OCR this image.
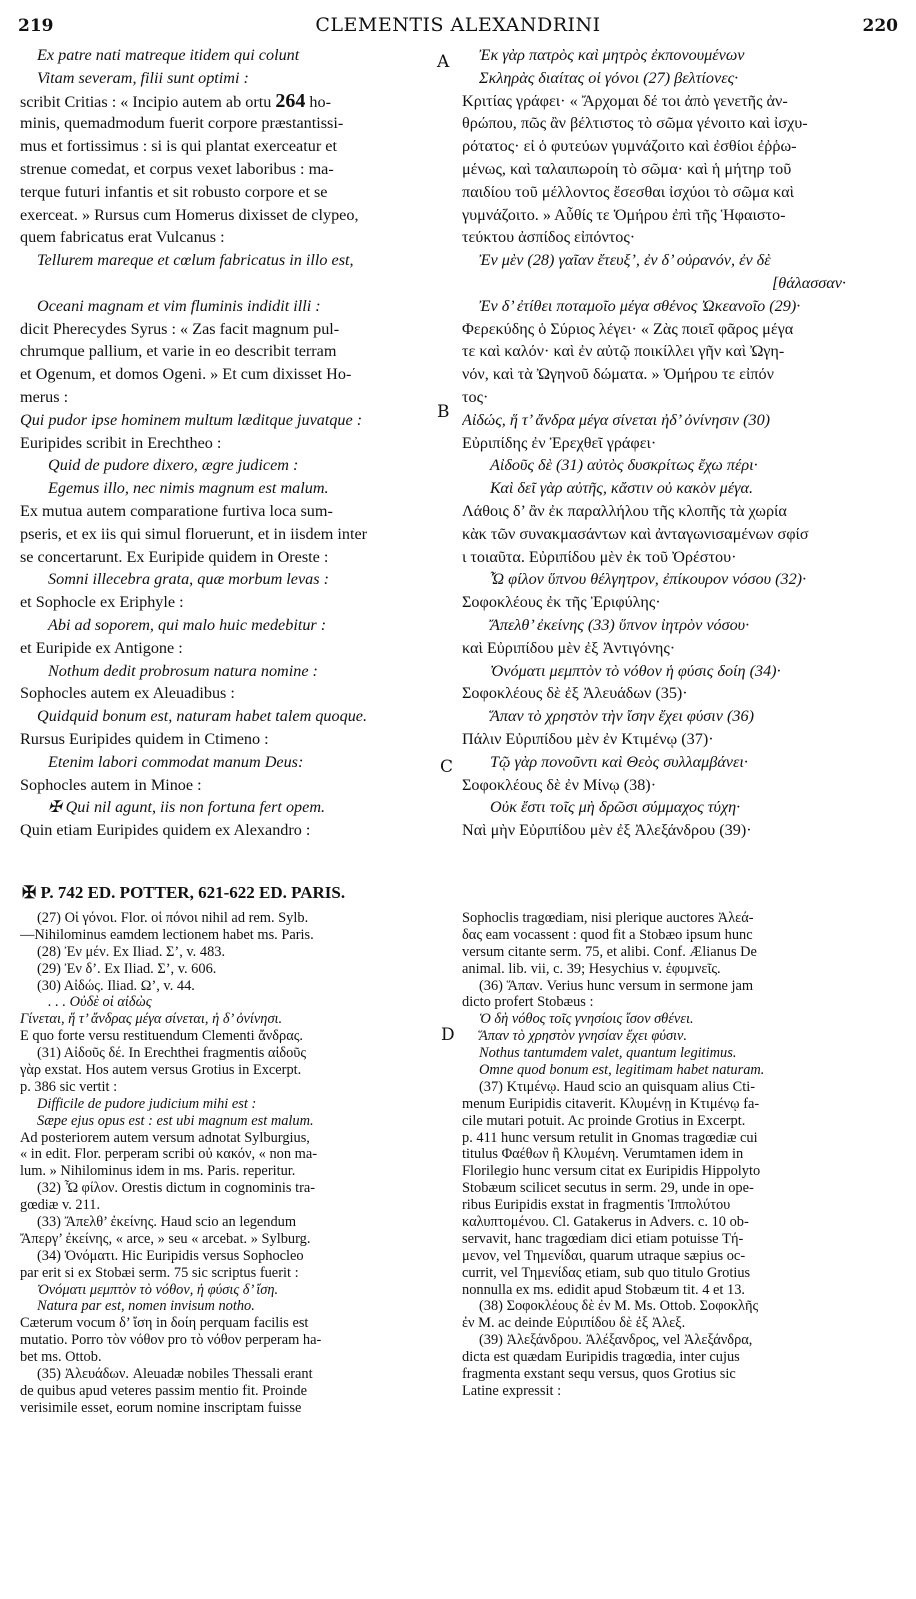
219	CLEMENTIS ALEXANDRINI	220
A
B
C
D
Ex patre nati matreque itidem qui colunt
Vitam severam, filii sunt optimi :
scribit Critias : « Incipio autem ab ortu 264 ho-
minis, quemadmodum fuerit corpore præstantissi-
mus et fortissimus : si is qui plantat exerceatur et
strenue comedat, et corpus vexet laboribus : ma-
terque futuri infantis et sit robusto corpore et se
exerceat. » Rursus cum Homerus dixisset de clypeo,
quem fabricatus erat Vulcanus :
Tellurem mareque et cœlum fabricatus in illo est,
Oceani magnam et vim fluminis indidit illi :
dicit Pherecydes Syrus : « Zas facit magnum pul-
chrumque pallium, et varie in eo describit terram
et Ogenum, et domos Ogeni. » Et cum dixisset Ho-
merus :
Qui pudor ipse hominem multum læditque juvatque :
Euripides scribit in Erechtheo :
Quid de pudore dixero, ægre judicem :
Egemus illo, nec nimis magnum est malum.
Ex mutua autem comparatione furtiva loca sum-
pseris, et ex iis qui simul floruerunt, et in iisdem inter
se concertarunt. Ex Euripide quidem in Oreste :
Somni illecebra grata, quæ morbum levas :
et Sophocle ex Eriphyle :
Abi ad soporem, qui malo huic medebitur :
et Euripide ex Antigone :
Nothum dedit probrosum natura nomine :
Sophocles autem ex Aleuadibus :
Quidquid bonum est, naturam habet talem quoque.
Rursus Euripides quidem in Ctimeno :
Etenim labori commodat manum Deus:
Sophocles autem in Minoe :
✠ Qui nil agunt, iis non fortuna fert opem.
Quin etiam Euripides quidem ex Alexandro :
Ἐκ γὰρ πατρὸς καὶ μητρὸς ἐκπονουμένων
Σκληρὰς διαίτας οἱ γόνοι (27) βελτίονες·
Κριτίας γράφει· « Ἄρχομαι δέ τοι ἀπὸ γενετῆς ἀν-
θρώπου, πῶς ἂν βέλτιστος τὸ σῶμα γένοιτο καὶ ἰσχυ-
ρότατος· εἰ ὁ φυτεύων γυμνάζοιτο καὶ ἐσθίοι ἐῤῥω-
μένως, καὶ ταλαιπωροίη τὸ σῶμα· καὶ ἡ μήτηρ τοῦ
παιδίου τοῦ μέλλοντος ἔσεσθαι ἰσχύοι τὸ σῶμα καὶ
γυμνάζοιτο. » Αὖθίς τε Ὁμήρου ἐπὶ τῆς Ἡφαιστο-
τεύκτου ἀσπίδος εἰπόντος·
Ἐν μὲν (28) γαῖαν ἔτευξ’, ἐν δ’ οὐρανόν, ἐν δὲ
[θάλασσαν·
Ἐν δ’ ἐτίθει ποταμοῖο μέγα σθένος Ὠκεανοῖο (29)·
Φερεκύδης ὁ Σύριος λέγει· « Ζὰς ποιεῖ φᾶρος μέγα
τε καὶ καλόν· καὶ ἐν αὐτῷ ποικίλλει γῆν καὶ Ὠγη-
νόν, καὶ τὰ Ὠγηνοῦ δώματα. » Ὁμήρου τε εἰπόν
τος·
Αἰδώς, ἥ τ’ ἄνδρα μέγα σίνεται ἠδ’ ὀνίνησιν (30)
Εὐριπίδης ἐν Ἐρεχθεῖ γράφει·
Αἰδοῦς δὲ (31) αὐτὸς δυσκρίτως ἔχω πέρι·
Καὶ δεῖ γὰρ αὐτῆς, κἄστιν οὐ κακὸν μέγα.
Λάθοις δ’ ἂν ἐκ παραλλήλου τῆς κλοπῆς τὰ χωρία
κὰκ τῶν συνακμασάντων καὶ ἀνταγωνισαμένων σφίσ
ι τοιαῦτα. Εὐριπίδου μὲν ἐκ τοῦ Ὀρέστου·
Ὦ φίλον ὕπνου θέλγητρον, ἐπίκουρον νόσου (32)·
Σοφοκλέους ἐκ τῆς Ἐριφύλης·
Ἄπελθ’ ἐκείνης (33) ὕπνον ἰητρὸν νόσου·
καὶ Εὐριπίδου μὲν ἐξ Ἀντιγόνης·
Ὀνόματι μεμπτὸν τὸ νόθον ἡ φύσις δοίη (34)·
Σοφοκλέους δὲ ἐξ Ἀλευάδων (35)·
Ἅπαν τὸ χρηστὸν τὴν ἴσην ἔχει φύσιν (36)
Πάλιν Εὐριπίδου μὲν ἐν Κτιμένῳ (37)·
Τῷ γὰρ πονοῦντι καὶ Θεὸς συλλαμβάνει·
Σοφοκλέους δὲ ἐν Μίνῳ (38)·
Οὐκ ἔστι τοῖς μὴ δρῶσι σύμμαχος τύχη·
Ναὶ μὴν Εὐριπίδου μὲν ἐξ Ἀλεξάνδρου (39)·
✠ P. 742 ED. POTTER, 621-622 ED. PARIS.
(27) Οἱ γόνοι. Flor. οἱ πόνοι nihil ad rem. Sylb.
—Nihilominus eamdem lectionem habet ms. Paris.
(28) Ἐν μέν. Ex Iliad. Σ’, v. 483.
(29) Ἐν δ’. Ex Iliad. Σ’, v. 606.
(30) Αἰδώς. Iliad. Ω’, v. 44.
. . . Οὐδὲ οἱ αἰδὼς
Γίνεται, ἥ τ’ ἄνδρας μέγα σίνεται, ἠ δ’ ὀνίνησι.
E quo forte versu restituendum Clementi ἄνδρας.
(31) Αἰδοῦς δέ. In Erechthei fragmentis αἰδοῦς
γὰρ exstat. Hos autem versus Grotius in Excerpt.
p. 386 sic vertit :
Difficile de pudore judicium mihi est :
Sæpe ejus opus est : est ubi magnum est malum.
Ad posteriorem autem versum adnotat Sylburgius,
« in edit. Flor. perperam scribi οὐ κακόν, « non ma-
lum. » Nihilominus idem in ms. Paris. reperitur.
(32) Ὦ φίλον. Orestis dictum in cognominis tra-
gœdiæ v. 211.
(33) Ἄπελθ’ ἐκείνης. Haud scio an legendum
Ἄπεργ’ ἐκείνης, « arce, » seu « arcebat. » Sylburg.
(34) Ὀνόματι. Hic Euripidis versus Sophocleo
par erit si ex Stobæi serm. 75 sic scriptus fuerit :
Ὀνόματι μεμπτὸν τὸ νόθον, ἡ φύσις δ’ ἴση.
Natura par est, nomen invisum notho.
Cæterum vocum δ’ ἴση in δοίη perquam facilis est
mutatio. Porro τὸν νόθον pro τὸ νόθον perperam ha-
bet ms. Ottob.
(35) Ἀλευάδων. Aleuadæ nobiles Thessali erant
de quibus apud veteres passim mentio fit. Proinde
verisimile esset, eorum nomine inscriptam fuisse
Sophoclis tragœdiam, nisi plerique auctores Ἀλεά-
δας eam vocassent : quod fit a Stobæo ipsum hunc
versum citante serm. 75, et alibi. Conf. Ælianus De
animal. lib. vii, c. 39; Hesychius v. ἐφυμνεῖς.
(36) Ἅπαν. Verius hunc versum in sermone jam
dicto profert Stobæus :
Ὁ δὴ νόθος τοῖς γνησίοις ἴσον σθένει.
Ἅπαν τὸ χρηστὸν γνησίαν ἔχει φύσιν.
Nothus tantumdem valet, quantum legitimus.
Omne quod bonum est, legitimam habet naturam.
(37) Κτιμένῳ. Haud scio an quisquam alius Cti-
menum Euripidis citaverit. Κλυμένῃ in Κτιμένῳ fa-
cile mutari potuit. Ac proinde Grotius in Excerpt.
p. 411 hunc versum retulit in Gnomas tragœdiæ cui
titulus Φαέθων ἢ Κλυμένη. Verumtamen idem in
Florilegio hunc versum citat ex Euripidis Hippolyto
Stobæum scilicet secutus in serm. 29, unde in ope-
ribus Euripidis exstat in fragmentis Ἱππολύτου
καλυπτομένου. Cl. Gatakerus in Advers. c. 10 ob-
servavit, hanc tragœdiam dici etiam potuisse Τή-
μενον, vel Τημενίδαι, quarum utraque sæpius oc-
currit, vel Τημενίδας etiam, sub quo titulo Grotius
nonnulla ex ms. edidit apud Stobæum tit. 4 et 13.
(38) Σοφοκλέους δὲ ἐν Μ. Ms. Ottob. Σοφοκλῆς
ἐν Μ. ac deinde Εὐριπίδου δὲ ἐξ Ἀλεξ.
(39) Ἀλεξάνδρου. Ἀλέξανδρος, vel Ἀλεξάνδρα,
dicta est quædam Euripidis tragœdia, inter cujus
fragmenta exstant sequ versus, quos Grotius sic
Latine expressit :
